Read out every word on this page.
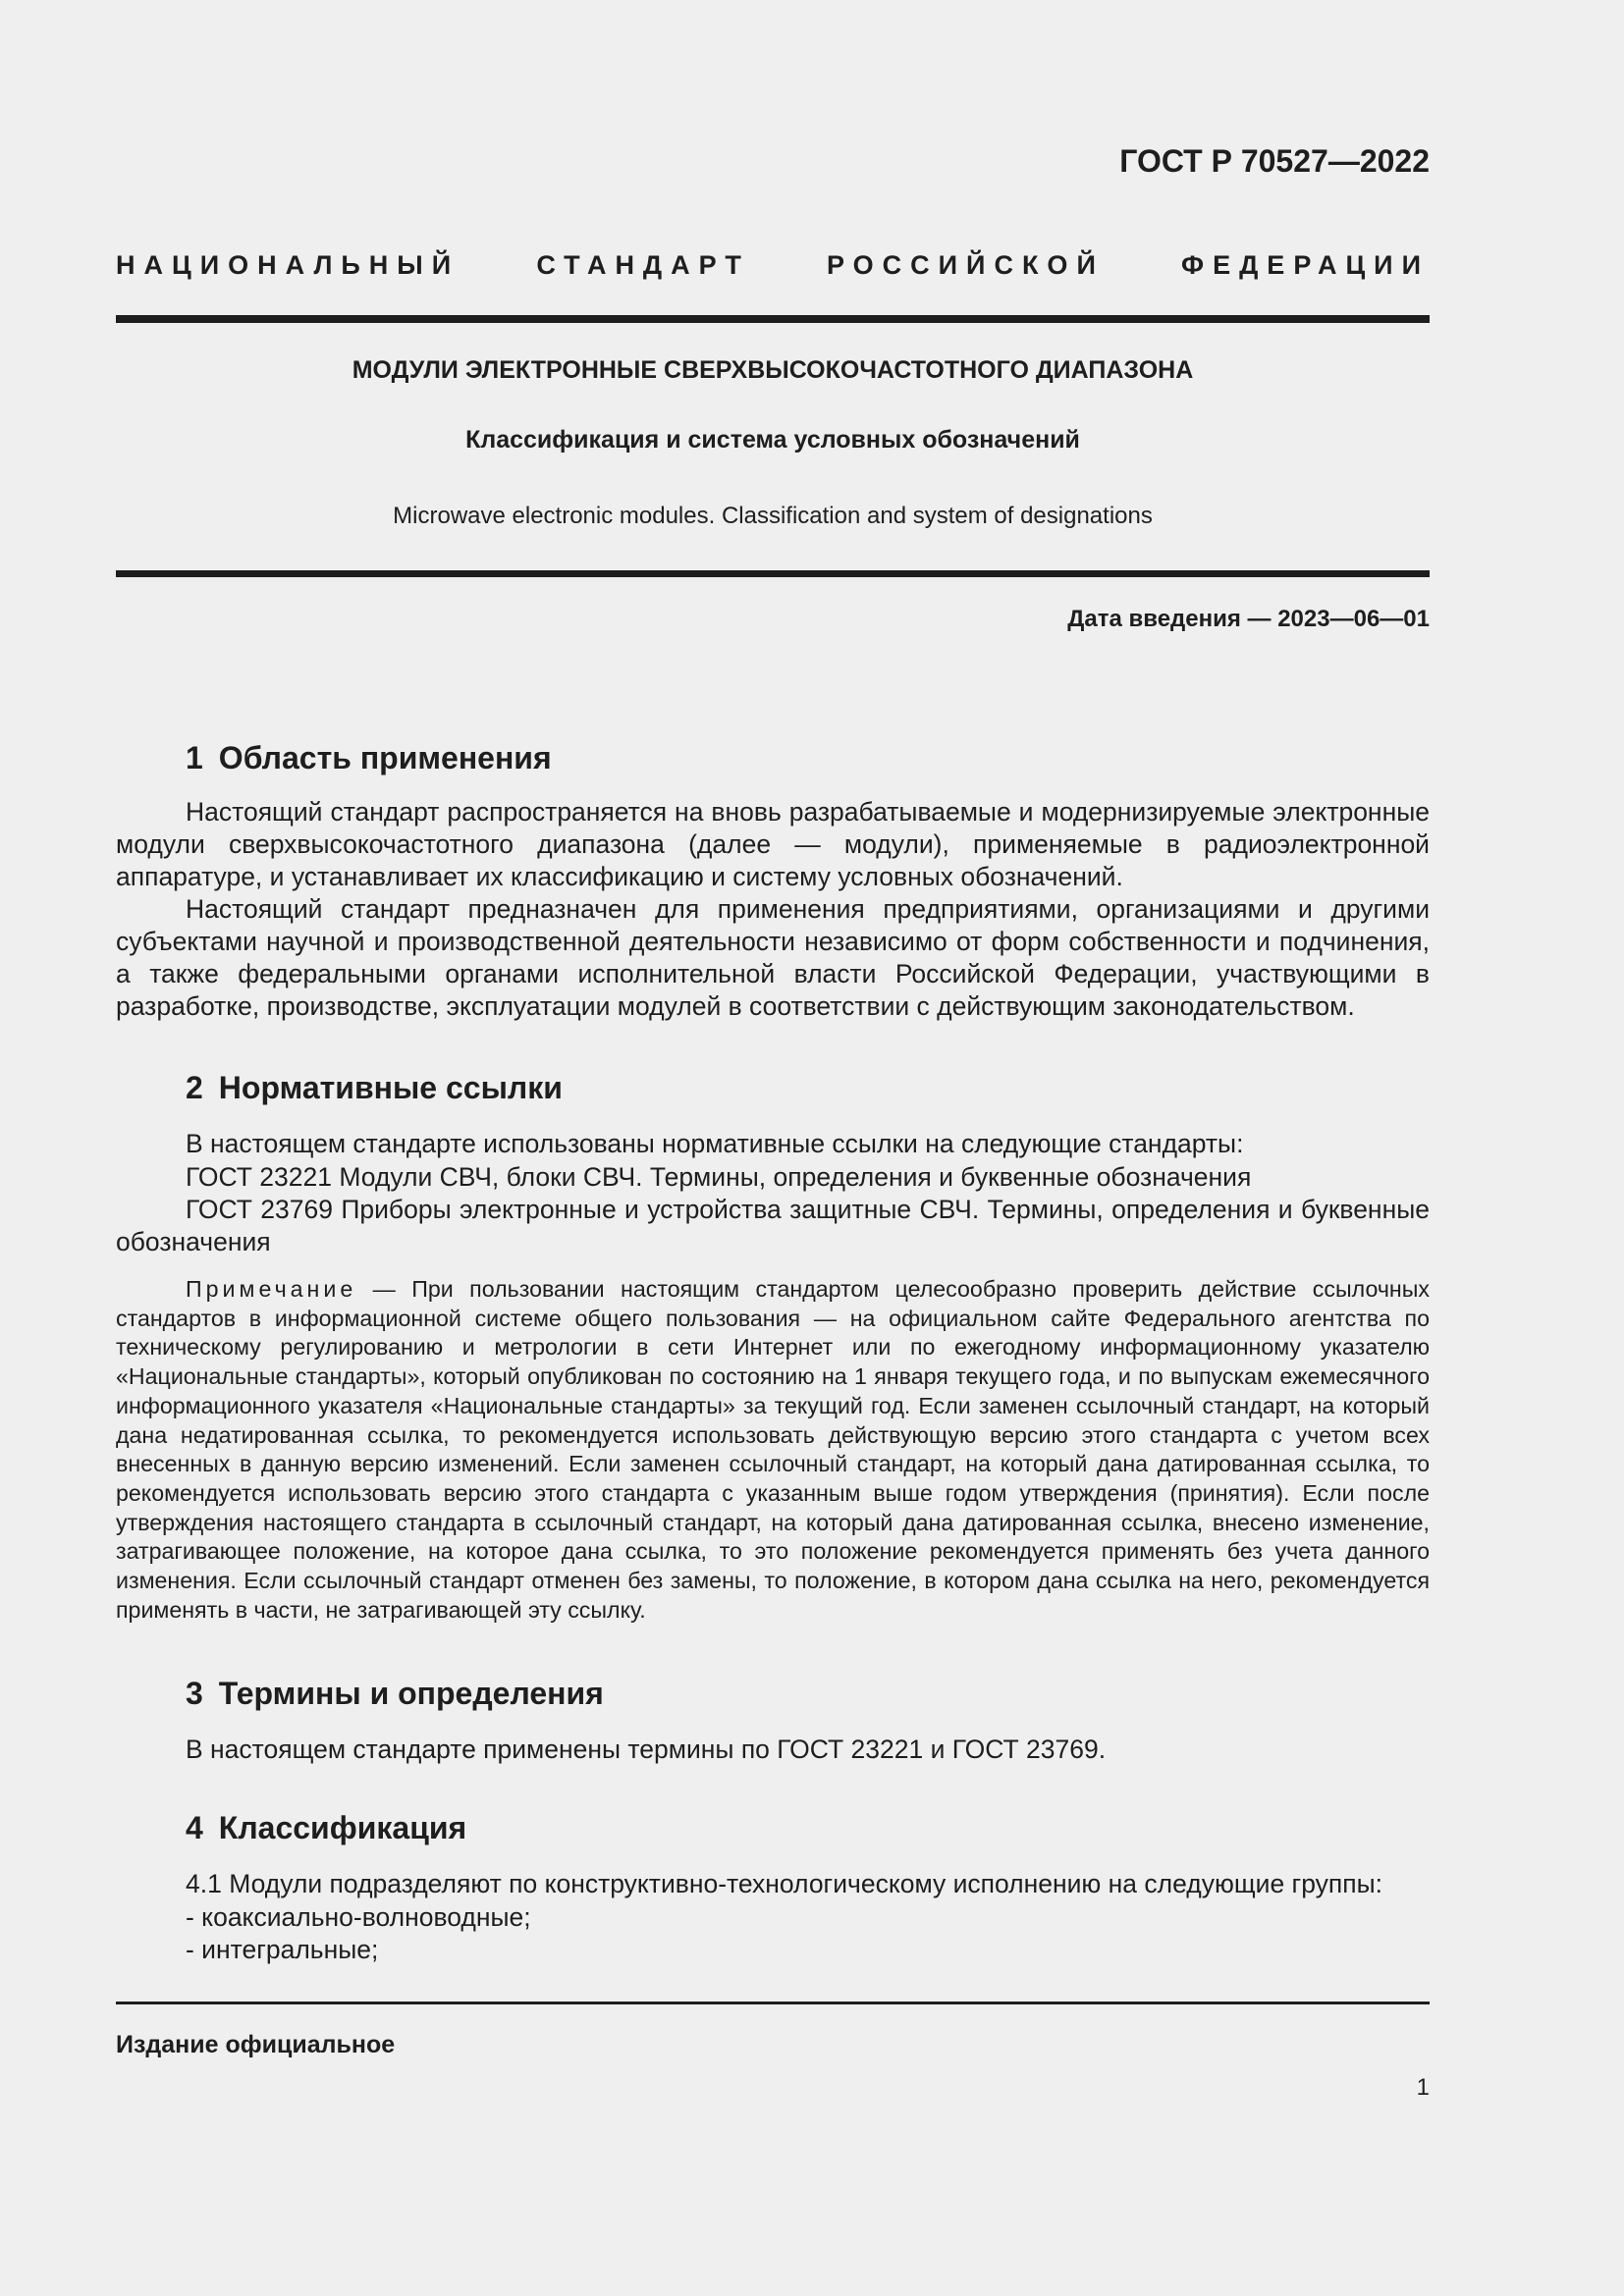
ГОСТ Р 70527—2022
НАЦИОНАЛЬНЫЙ СТАНДАРТ РОССИЙСКОЙ ФЕДЕРАЦИИ
МОДУЛИ ЭЛЕКТРОННЫЕ СВЕРХВЫСОКОЧАСТОТНОГО ДИАПАЗОНА
Классификация и система условных обозначений
Microwave electronic modules. Classification and system of designations
Дата введения — 2023—06—01
1 Область применения

Настоящий стандарт распространяется на вновь разрабатываемые и модернизируемые электронные модули сверхвысокочастотного диапазона (далее — модули), применяемые в радиоэлектронной аппаратуре, и устанавливает их классификацию и систему условных обозначений.

Настоящий стандарт предназначен для применения предприятиями, организациями и другими субъектами научной и производственной деятельности независимо от форм собственности и подчинения, а также федеральными органами исполнительной власти Российской Федерации, участвующими в разработке, производстве, эксплуатации модулей в соответствии с действующим законодательством.

2 Нормативные ссылки
В настоящем стандарте использованы нормативные ссылки на следующие стандарты:
ГОСТ 23221 Модули СВЧ, блоки СВЧ. Термины, определения и буквенные обозначения

ГОСТ 23769 Приборы электронные и устройства защитные СВЧ. Термины, определения и буквенные обозначения

Примечание — При пользовании настоящим стандартом целесообразно проверить действие ссылочных стандартов в информационной системе общего пользования — на официальном сайте Федерального агентства по техническому регулированию и метрологии в сети Интернет или по ежегодному информационному указателю «Национальные стандарты», который опубликован по состоянию на 1 января текущего года, и по выпускам ежемесячного информационного указателя «Национальные стандарты» за текущий год. Если заменен ссылочный стандарт, на который дана недатированная ссылка, то рекомендуется использовать действующую версию этого стандарта с учетом всех внесенных в данную версию изменений. Если заменен ссылочный стандарт, на который дана датированная ссылка, то рекомендуется использовать версию этого стандарта с указанным выше годом утверждения (принятия). Если после утверждения настоящего стандарта в ссылочный стандарт, на который дана датированная ссылка, внесено изменение, затрагивающее положение, на которое дана ссылка, то это положение рекомендуется применять без учета данного изменения. Если ссылочный стандарт отменен без замены, то положение, в котором дана ссылка на него, рекомендуется применять в части, не затрагивающей эту ссылку.

3 Термины и определения
В настоящем стандарте применены термины по ГОСТ 23221 и ГОСТ 23769.
4 Классификация
4.1 Модули подразделяют по конструктивно-технологическому исполнению на следующие группы:
- коаксиально-волноводные;
- интегральные;
Издание официальное
1
